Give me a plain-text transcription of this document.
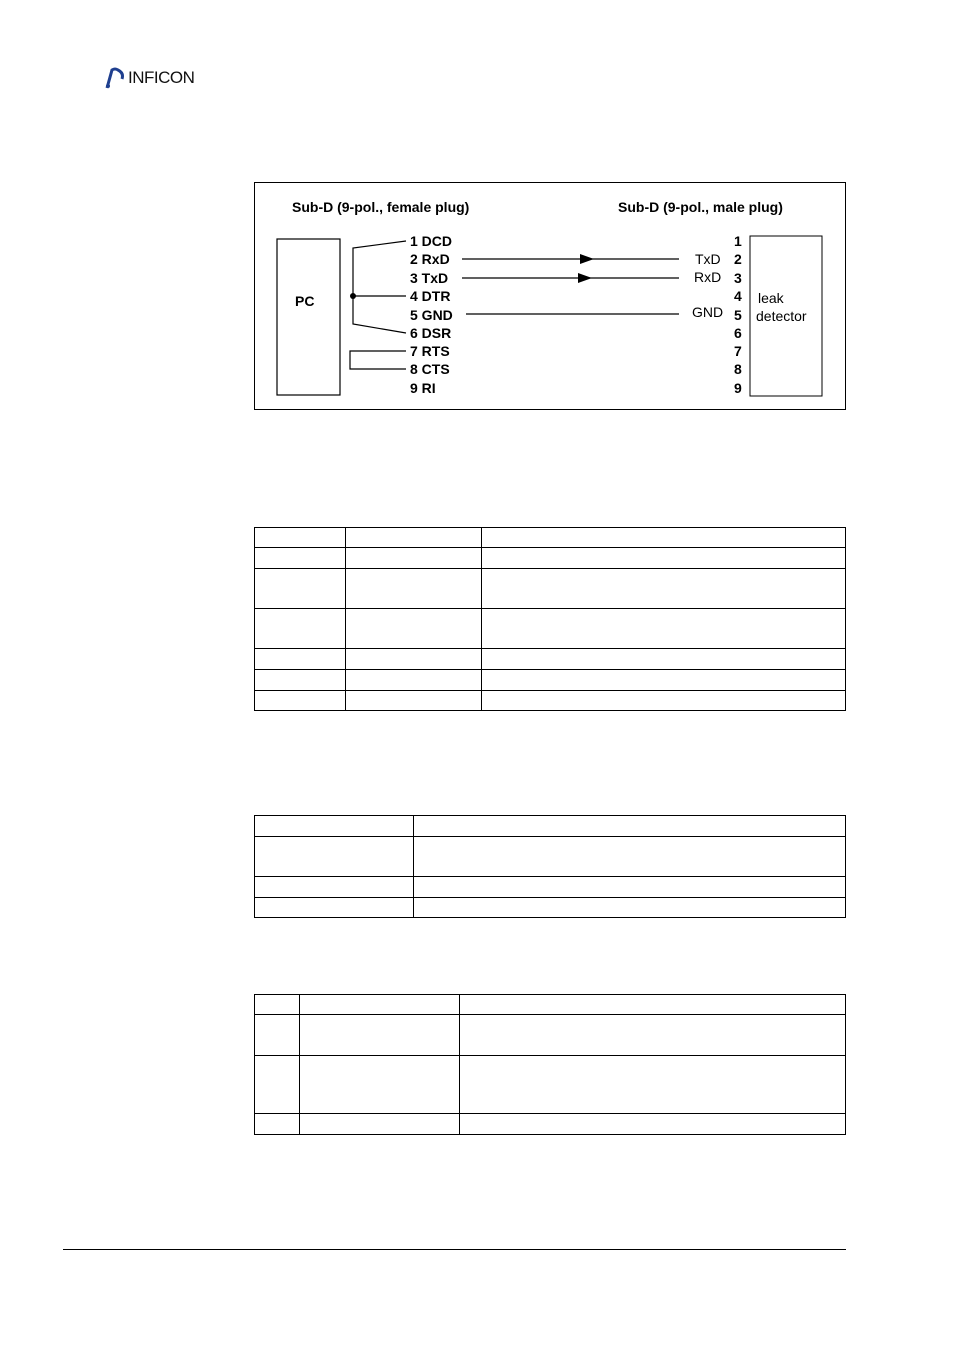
INFICON
Sub-D (9-pol., female plug)	Sub-D (9-pol., male plug)
PC	leak
detector
1 DCD
2 RxD
3 TxD
4 DTR
5 GND
6 DSR
7 RTS
8 CTS
9 RI
1
2
3
4
5
6
7
8
9
TxD
RxD
GND
